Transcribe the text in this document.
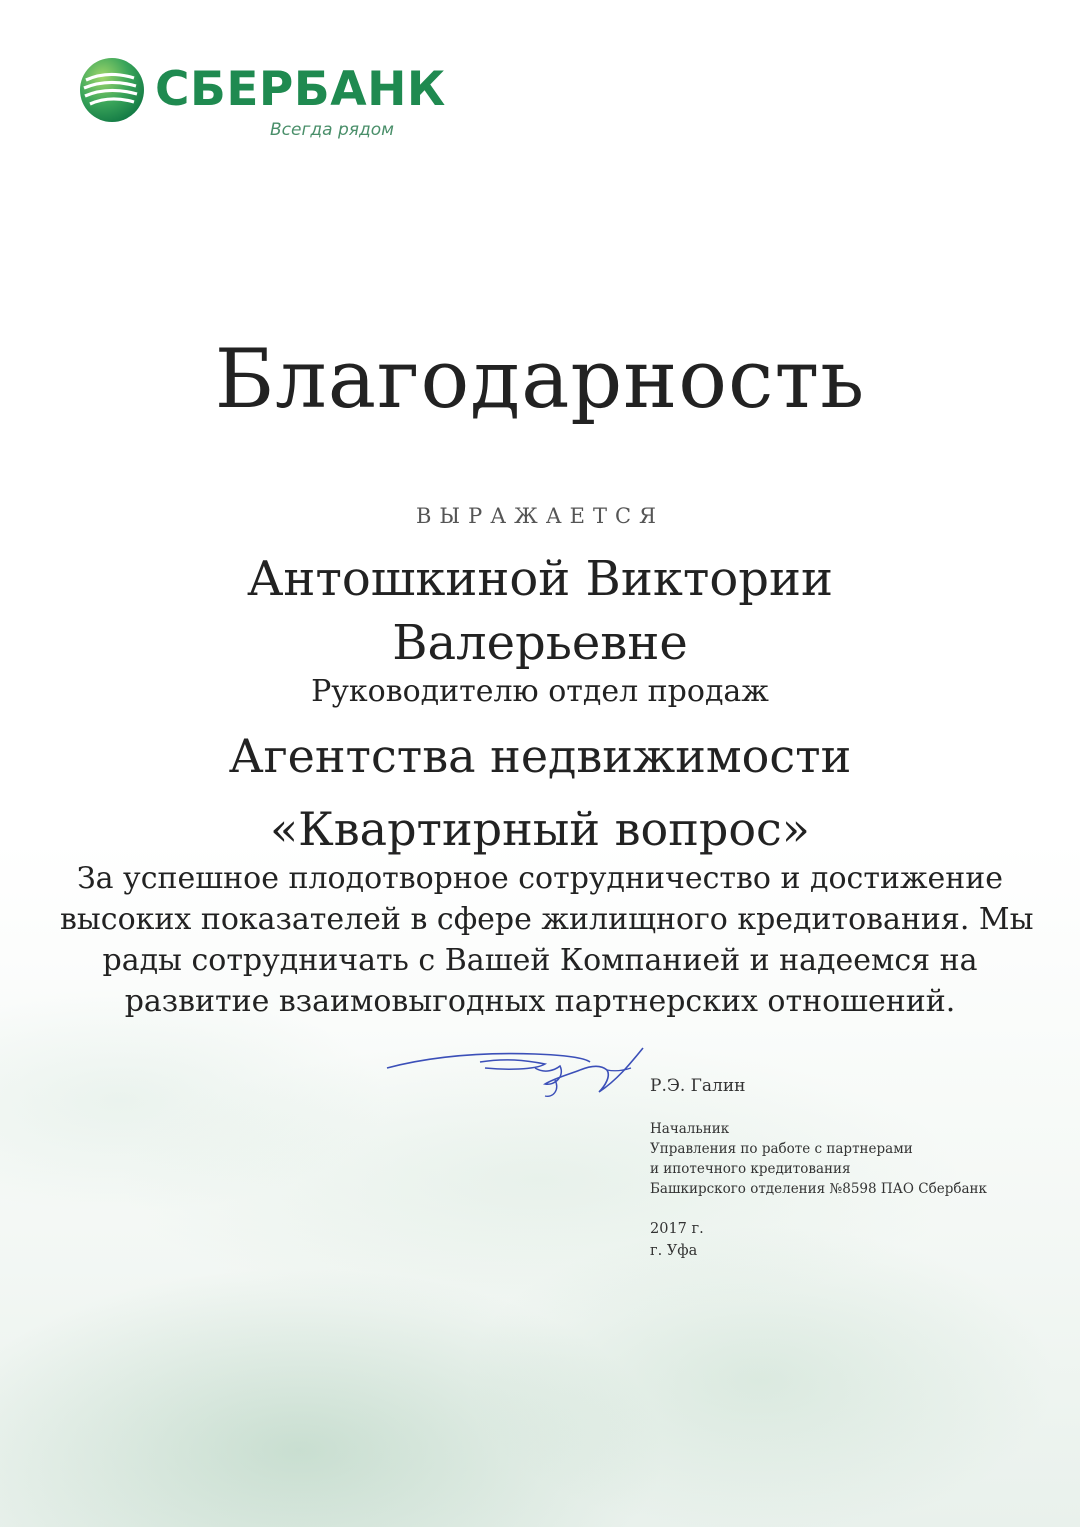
СБЕРБАНК
Всегда рядом
Благодарность
ВЫРАЖАЕТСЯ
Антошкиной Виктории
Валерьевне
Руководителю отдел продаж
Агентства недвижимости
«Квартирный вопрос»
За успешное плодотворное сотрудничество и достижение
высоких показателей в сфере жилищного кредитования. Мы
рады сотрудничать с Вашей Компанией и надеемся на
развитие взаимовыгодных партнерских отношений.
Р.Э. Галин
Начальник
Управления по работе с партнерами
и ипотечного кредитования
Башкирского отделения №8598 ПАО Сбербанк
2017 г.
г. Уфа
